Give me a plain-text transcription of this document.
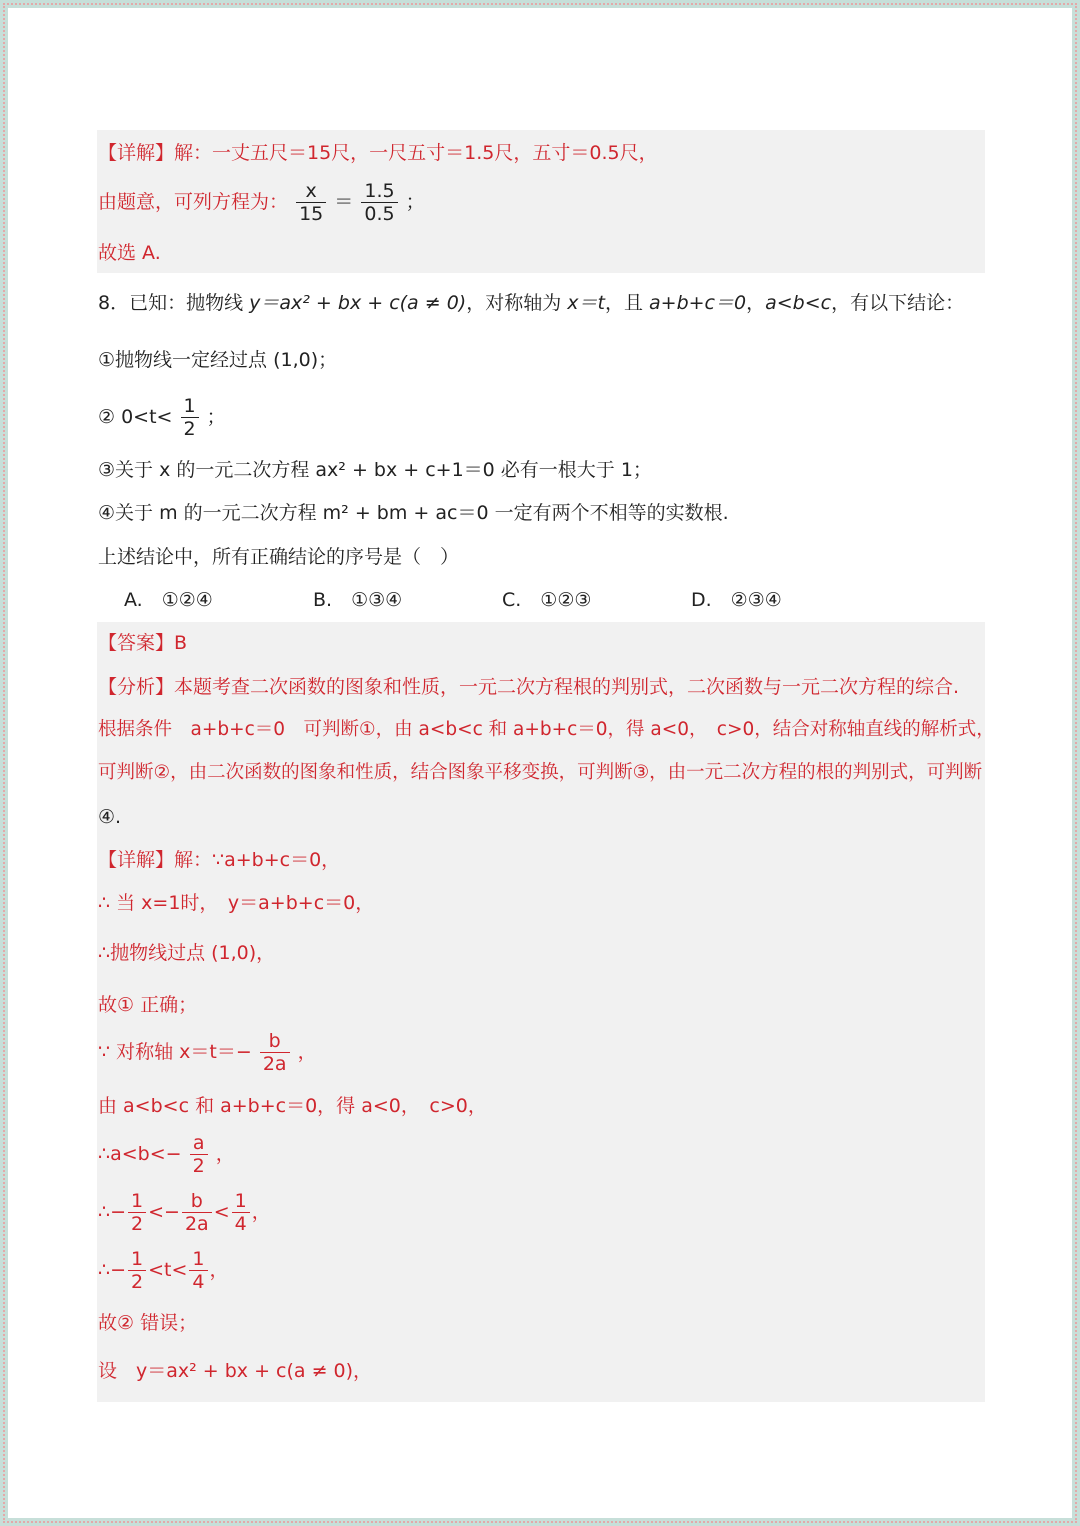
【详解】解：一丈五尺＝15尺，一尺五寸＝1.5尺，五寸＝0.5尺，
由题意，可列方程为： $\frac{x}{15} = \frac{1.5}{0.5}$ ；
故选 A.
8．已知：抛物线 y＝ax² + bx + c(a ≠ 0)，对称轴为 x＝t，且 a+b+c＝0，a<b<c，有以下结论：
①抛物线一定经过点 (1,0)；
② $0<t< \frac{1}{2}$ ；
③关于 x 的一元二次方程 ax² + bx + c+1＝0 必有一根大于 1；
④关于 m 的一元二次方程 m² + bm + ac＝0 一定有两个不相等的实数根.
上述结论中，所有正确结论的序号是（　）
A.　①②④	B.　①③④	C.　①②③	D.　②③④
【答案】B
【分析】本题考查二次函数的图象和性质，一元二次方程根的判别式，二次函数与一元二次方程的综合.
根据条件　a+b+c＝0　可判断①，由 a<b<c 和 a+b+c＝0，得 a<0，　c>0，结合对称轴直线的解析式，
可判断②，由二次函数的图象和性质，结合图象平移变换，可判断③，由一元二次方程的根的判别式，可判断
④.
【详解】解：∵a+b+c＝0，
∴ 当 x=1时，　y＝a+b+c＝0，
∴抛物线过点 (1,0)，
故① 正确；
∵ 对称轴 $x=t=- \frac{b}{2a}$ ，
由 a<b<c 和 a+b+c＝0，得 a<0，　c>0，
∴a<b<− $\frac{a}{2}$ ，
∴− $\frac{1}{2} <- \frac{b}{2a} < \frac{1}{4}$ ，
∴− $\frac{1}{2} <t< \frac{1}{4}$ ，
故② 错误；
设　y＝ax² + bx + c(a ≠ 0)，
